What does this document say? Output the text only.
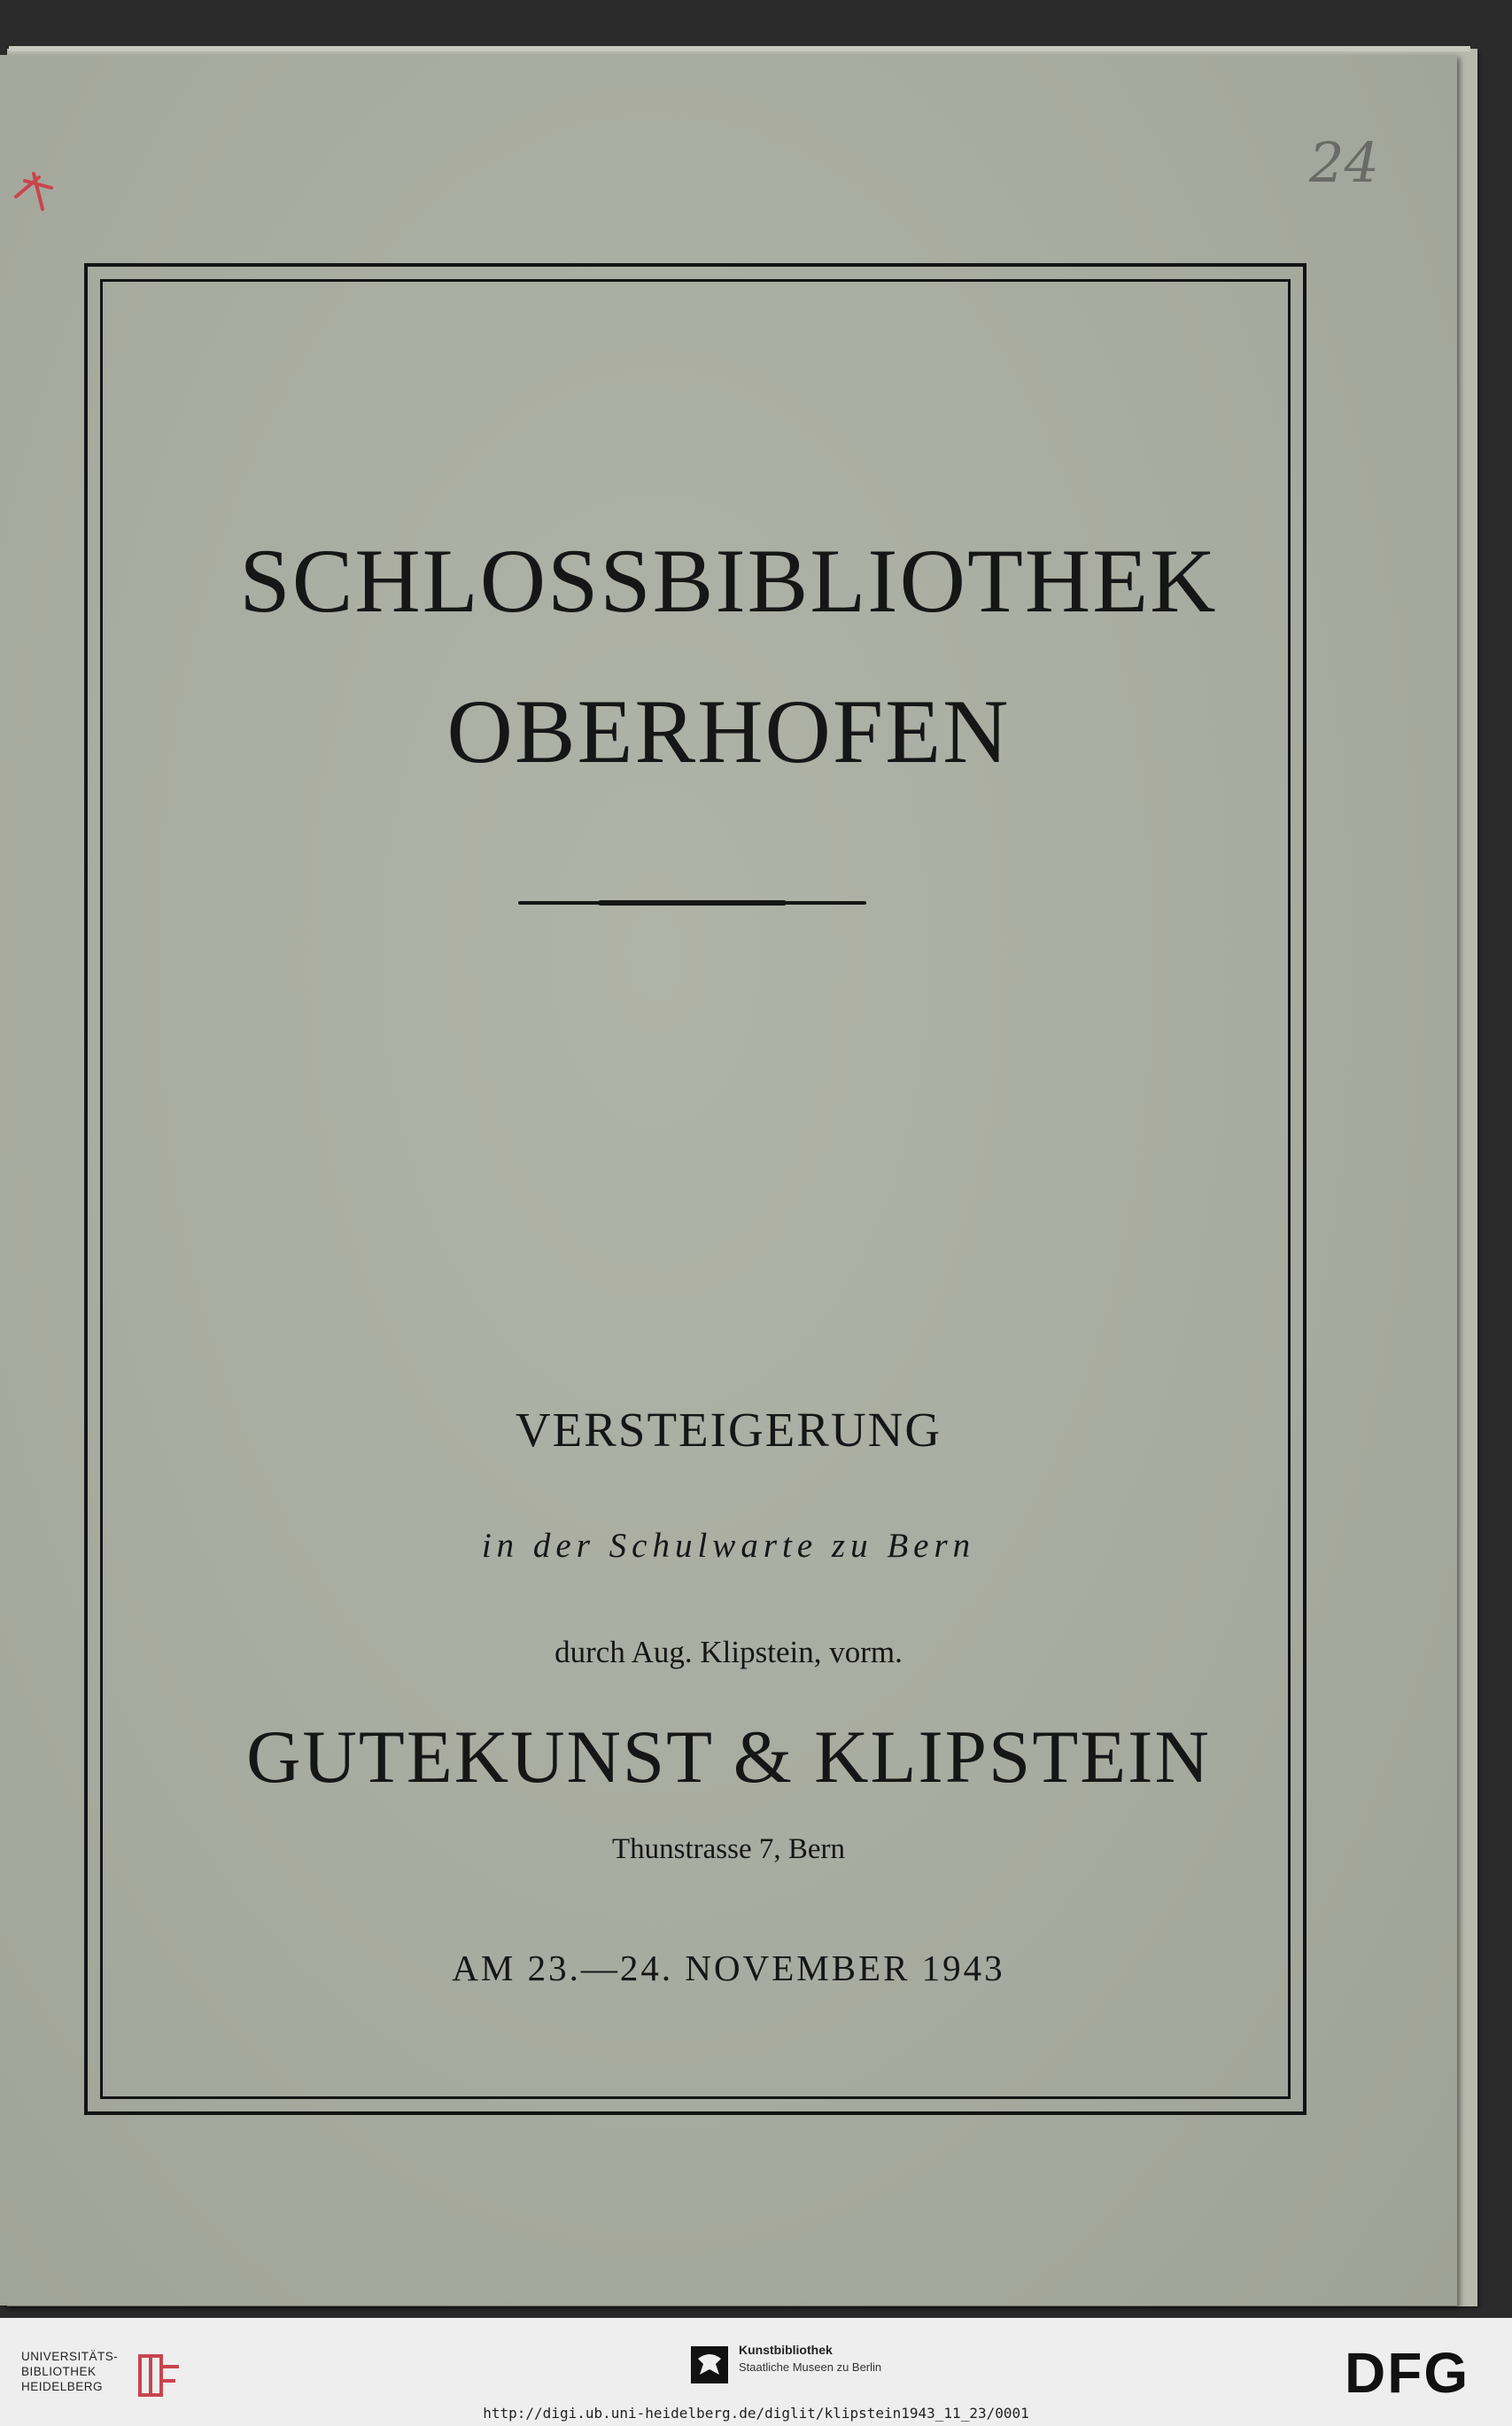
24
SCHLOSSBIBLIOTHEK
OBERHOFEN
VERSTEIGERUNG
in der Schulwarte zu Bern
durch Aug. Klipstein, vorm.
GUTEKUNST & KLIPSTEIN
Thunstrasse 7, Bern
AM 23.—24. NOVEMBER 1943
UNIVERSITÄTS-
BIBLIOTHEK
HEIDELBERG
Kunstbibliothek
Staatliche Museen zu Berlin	DFG
http://digi.ub.uni-heidelberg.de/diglit/klipstein1943_11_23/0001
